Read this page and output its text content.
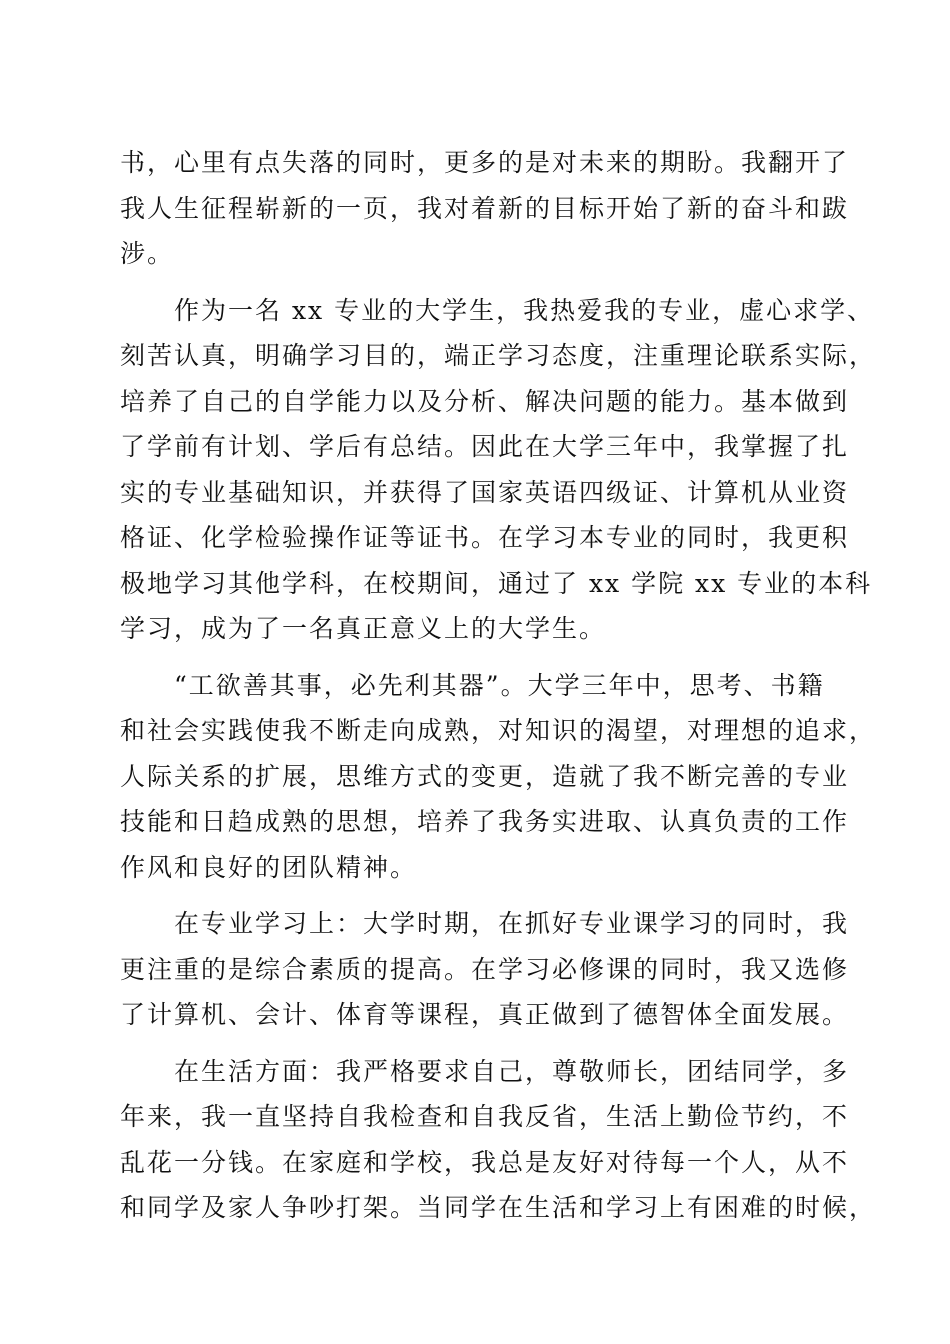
书，心里有点失落的同时，更多的是对未来的期盼。我翻开了
我人生征程崭新的一页，我对着新的目标开始了新的奋斗和跋
涉。
　　作为一名 xx 专业的大学生，我热爱我的专业，虚心求学、
刻苦认真，明确学习目的，端正学习态度，注重理论联系实际，
培养了自己的自学能力以及分析、解决问题的能力。基本做到
了学前有计划、学后有总结。因此在大学三年中，我掌握了扎
实的专业基础知识，并获得了国家英语四级证、计算机从业资
格证、化学检验操作证等证书。在学习本专业的同时，我更积
极地学习其他学科，在校期间，通过了 xx 学院 xx 专业的本科
学习，成为了一名真正意义上的大学生。
　　“工欲善其事，必先利其器”。大学三年中，思考、书籍
和社会实践使我不断走向成熟，对知识的渴望，对理想的追求，
人际关系的扩展，思维方式的变更，造就了我不断完善的专业
技能和日趋成熟的思想，培养了我务实进取、认真负责的工作
作风和良好的团队精神。
　　在专业学习上：大学时期，在抓好专业课学习的同时，我
更注重的是综合素质的提高。在学习必修课的同时，我又选修
了计算机、会计、体育等课程，真正做到了德智体全面发展。
　　在生活方面：我严格要求自己，尊敬师长，团结同学，多
年来，我一直坚持自我检查和自我反省，生活上勤俭节约，不
乱花一分钱。在家庭和学校，我总是友好对待每一个人，从不
和同学及家人争吵打架。当同学在生活和学习上有困难的时候，
